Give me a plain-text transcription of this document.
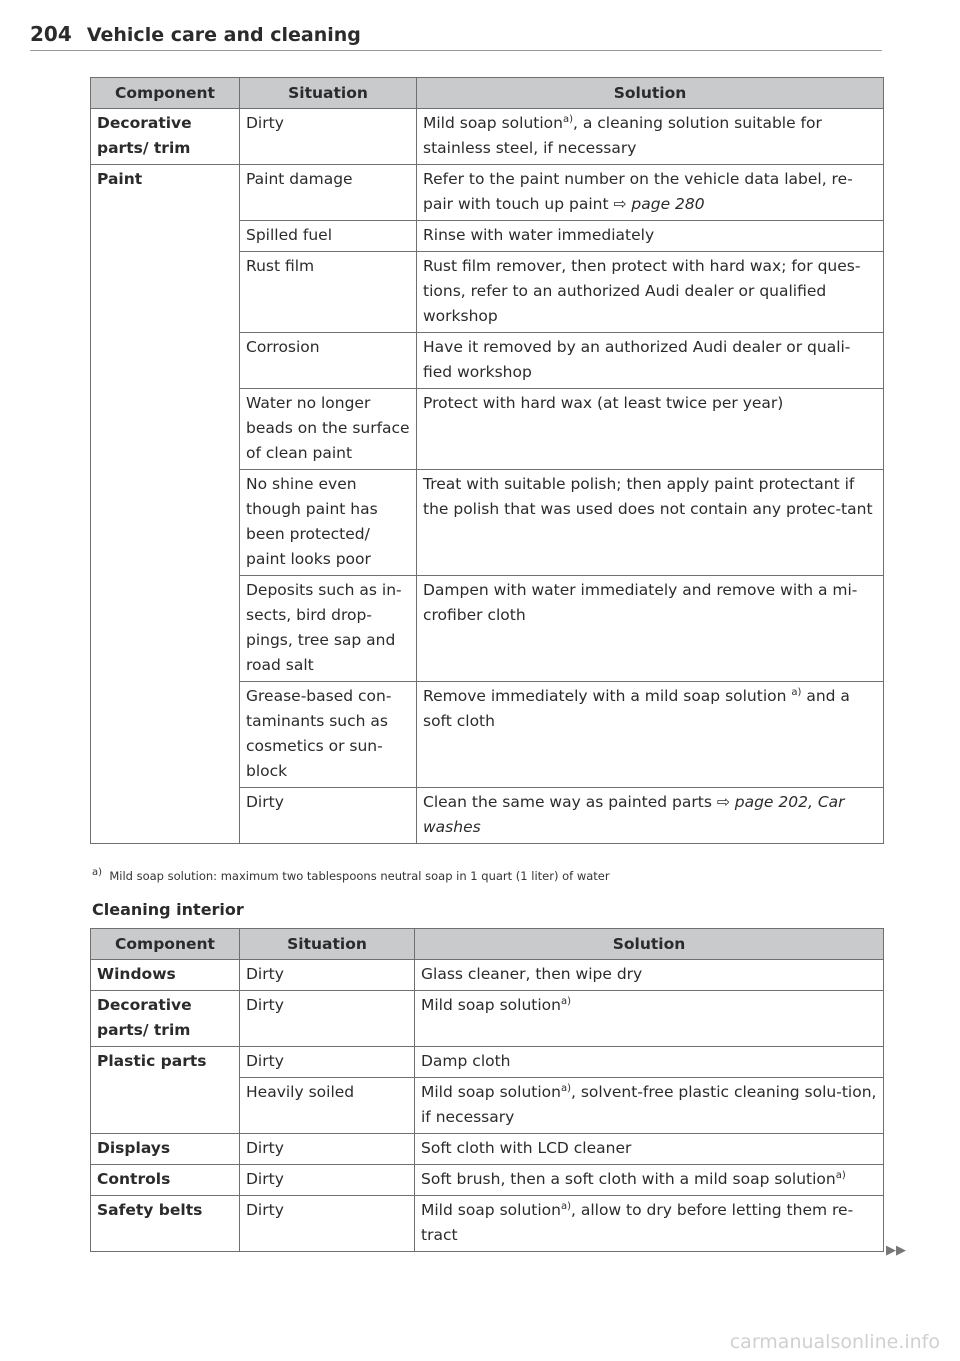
204 Vehicle care and cleaning
Component	Situation	Solution
Decorative parts/ trim	Dirty	Mild soap solution$^{a)}$, a cleaning solution suitable for stainless steel, if necessary
Paint	Paint damage	Refer to the paint number on the vehicle data label, re-pair with touch up paint ⇨ page 280
	Spilled fuel	Rinse with water immediately
	Rust film	Rust film remover, then protect with hard wax; for ques-tions, refer to an authorized Audi dealer or qualified workshop
	Corrosion	Have it removed by an authorized Audi dealer or quali-fied workshop
	Water no longer beads on the surface of clean paint	Protect with hard wax (at least twice per year)
	No shine even though paint has been protected/ paint looks poor	Treat with suitable polish; then apply paint protectant if the polish that was used does not contain any protec-tant
	Deposits such as in-sects, bird drop-pings, tree sap and road salt	Dampen with water immediately and remove with a mi-crofiber cloth
	Grease-based con-taminants such as cosmetics or sun-block	Remove immediately with a mild soap solution $^{a)}$ and a soft cloth
	Dirty	Clean the same way as painted parts ⇨ page 202, Car washes
$^{a)}$ Mild soap solution: maximum two tablespoons neutral soap in 1 quart (1 liter) of water
Cleaning interior
Component	Situation	Solution
Windows	Dirty	Glass cleaner, then wipe dry
Decorative parts/ trim	Dirty	Mild soap solution$^{a)}$
Plastic parts	Dirty	Damp cloth
	Heavily soiled	Mild soap solution$^{a)}$, solvent-free plastic cleaning solu-tion, if necessary
Displays	Dirty	Soft cloth with LCD cleaner
Controls	Dirty	Soft brush, then a soft cloth with a mild soap solution$^{a)}$
Safety belts	Dirty	Mild soap solution$^{a)}$, allow to dry before letting them re-tract
▶▶
carmanualsonline.info
